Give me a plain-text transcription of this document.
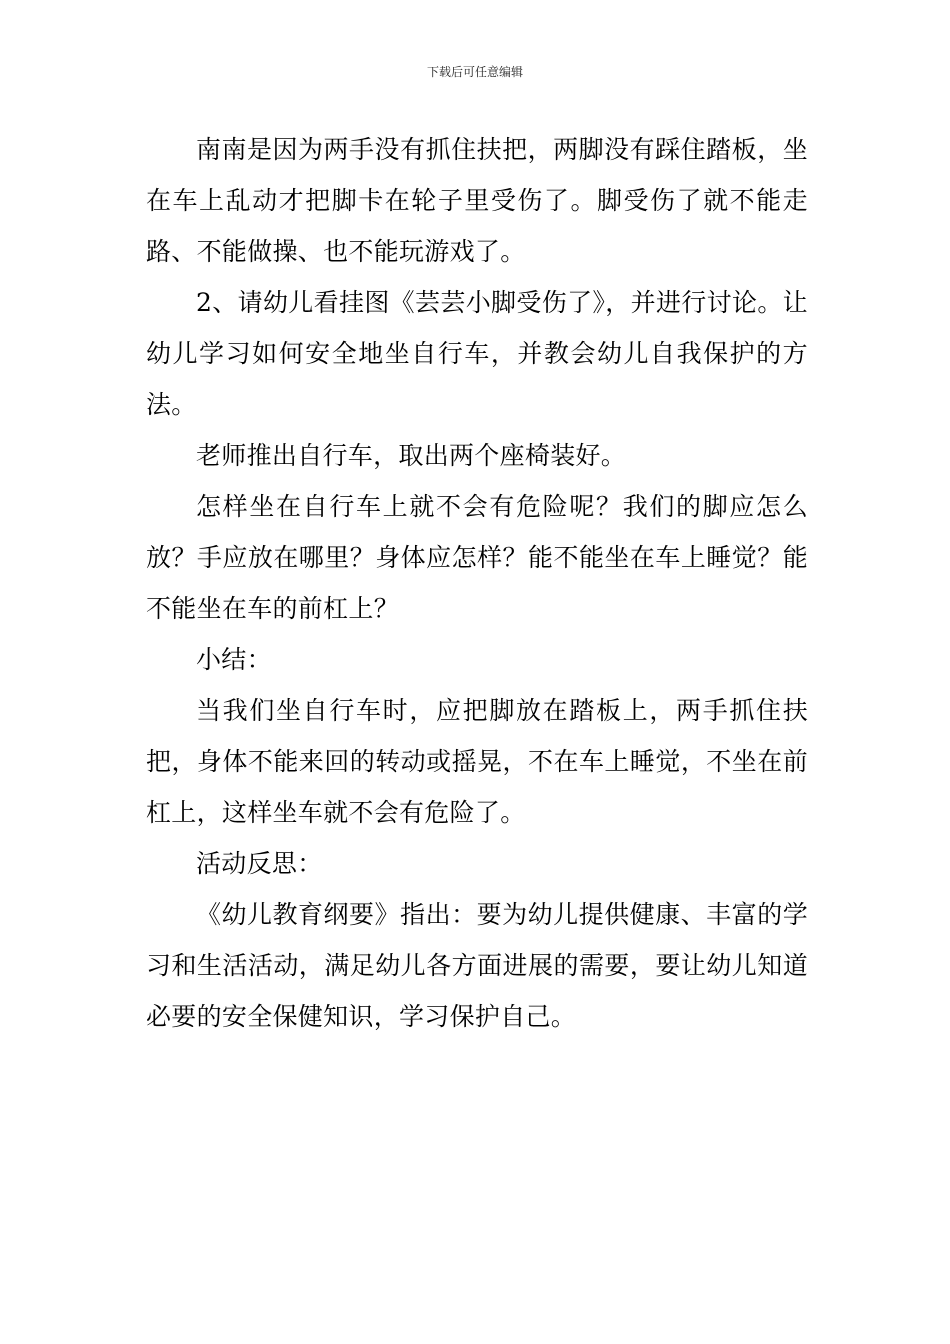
下载后可任意编辑

南南是因为两手没有抓住扶把，两脚没有踩住踏板，坐在车上乱动才把脚卡在轮子里受伤了。脚受伤了就不能走路、不能做操、也不能玩游戏了。

2、请幼儿看挂图《芸芸小脚受伤了》，并进行讨论。让幼儿学习如何安全地坐自行车，并教会幼儿自我保护的方法。

老师推出自行车，取出两个座椅装好。

怎样坐在自行车上就不会有危险呢？我们的脚应怎么放？手应放在哪里？身体应怎样？能不能坐在车上睡觉？能不能坐在车的前杠上？

小结：

当我们坐自行车时，应把脚放在踏板上，两手抓住扶把，身体不能来回的转动或摇晃，不在车上睡觉，不坐在前杠上，这样坐车就不会有危险了。

活动反思：

《幼儿教育纲要》指出：要为幼儿提供健康、丰富的学习和生活活动，满足幼儿各方面进展的需要，要让幼儿知道必要的安全保健知识，学习保护自己。
